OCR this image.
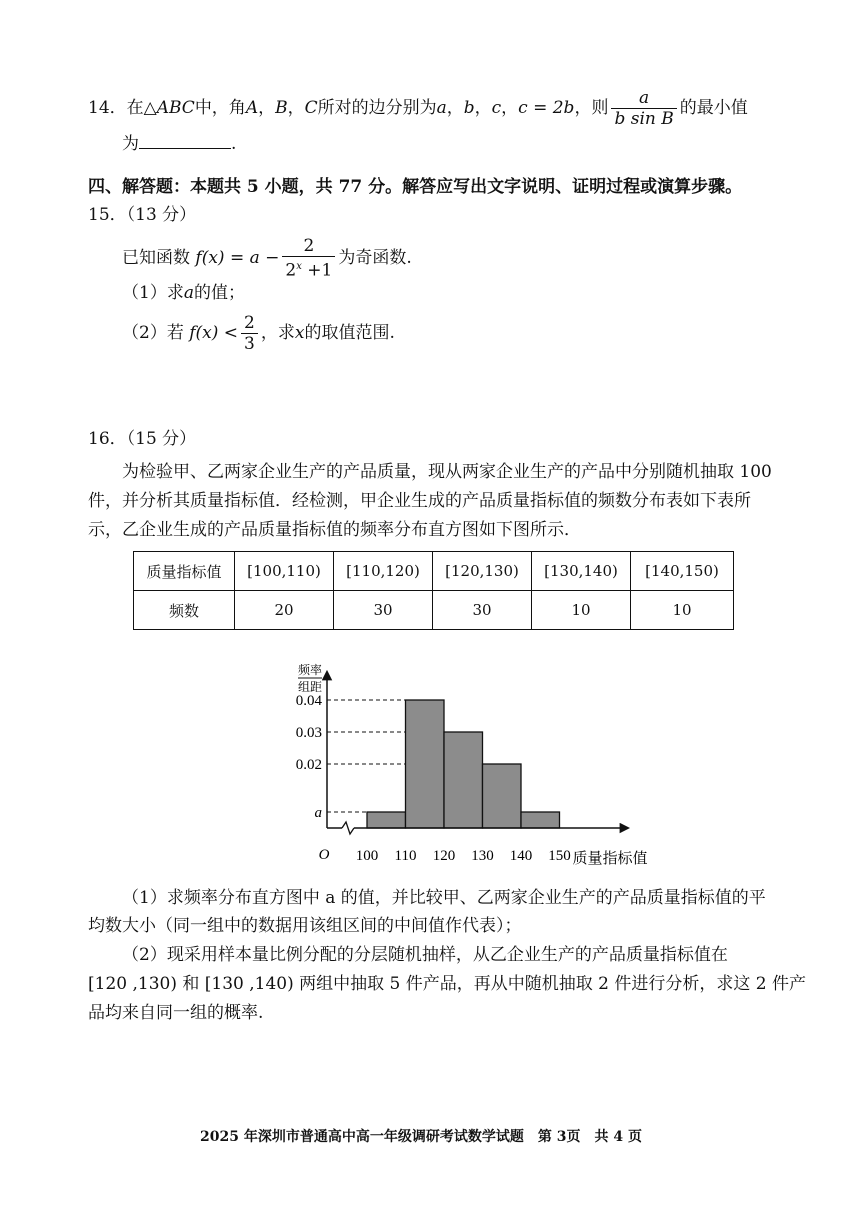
14．在△ABC中，角A，B，C所对的边分别为a，b，c，c = 2b，则 $\frac{a}{\text{b sin B}}$ 的最小值
为	.
四、解答题：本题共 5 小题，共 77 分。解答应写出文字说明、证明过程或演算步骤。
15．（13 分）
已知函数 $f(x) = a - \frac{2}{2^x +1}$ 为奇函数.
（1）求a的值；
（2）若 $f(x) < \frac{2}{3}$ ，求x的取值范围.
16．（15 分）
为检验甲、乙两家企业生产的产品质量，现从两家企业生产的产品中分别随机抽取 100
件，并分析其质量指标值．经检测，甲企业生成的产品质量指标值的频数分布表如下表所
示，乙企业生成的产品质量指标值的频率分布直方图如下图所示．
质量指标值	[100,110)	[110,120)	[120,130)	[130,140)	[140,150)
频数	20	30	30	10	10
频率
组距
O	质量指标值
0.04
0.03
0.02
a
100 110 120 130 140 150
（1）求频率分布直方图中 a 的值，并比较甲、乙两家企业生产的产品质量指标值的平
均数大小（同一组中的数据用该组区间的中间值作代表）；
（2）现采用样本量比例分配的分层随机抽样，从乙企业生产的产品质量指标值在
[120 ,130) 和 [130 ,140) 两组中抽取 5 件产品，再从中随机抽取 2 件进行分析，求这 2 件产
品均来自同一组的概率.
2025 年深圳市普通高中高一年级调研考试数学试题　第 3页　共 4 页
